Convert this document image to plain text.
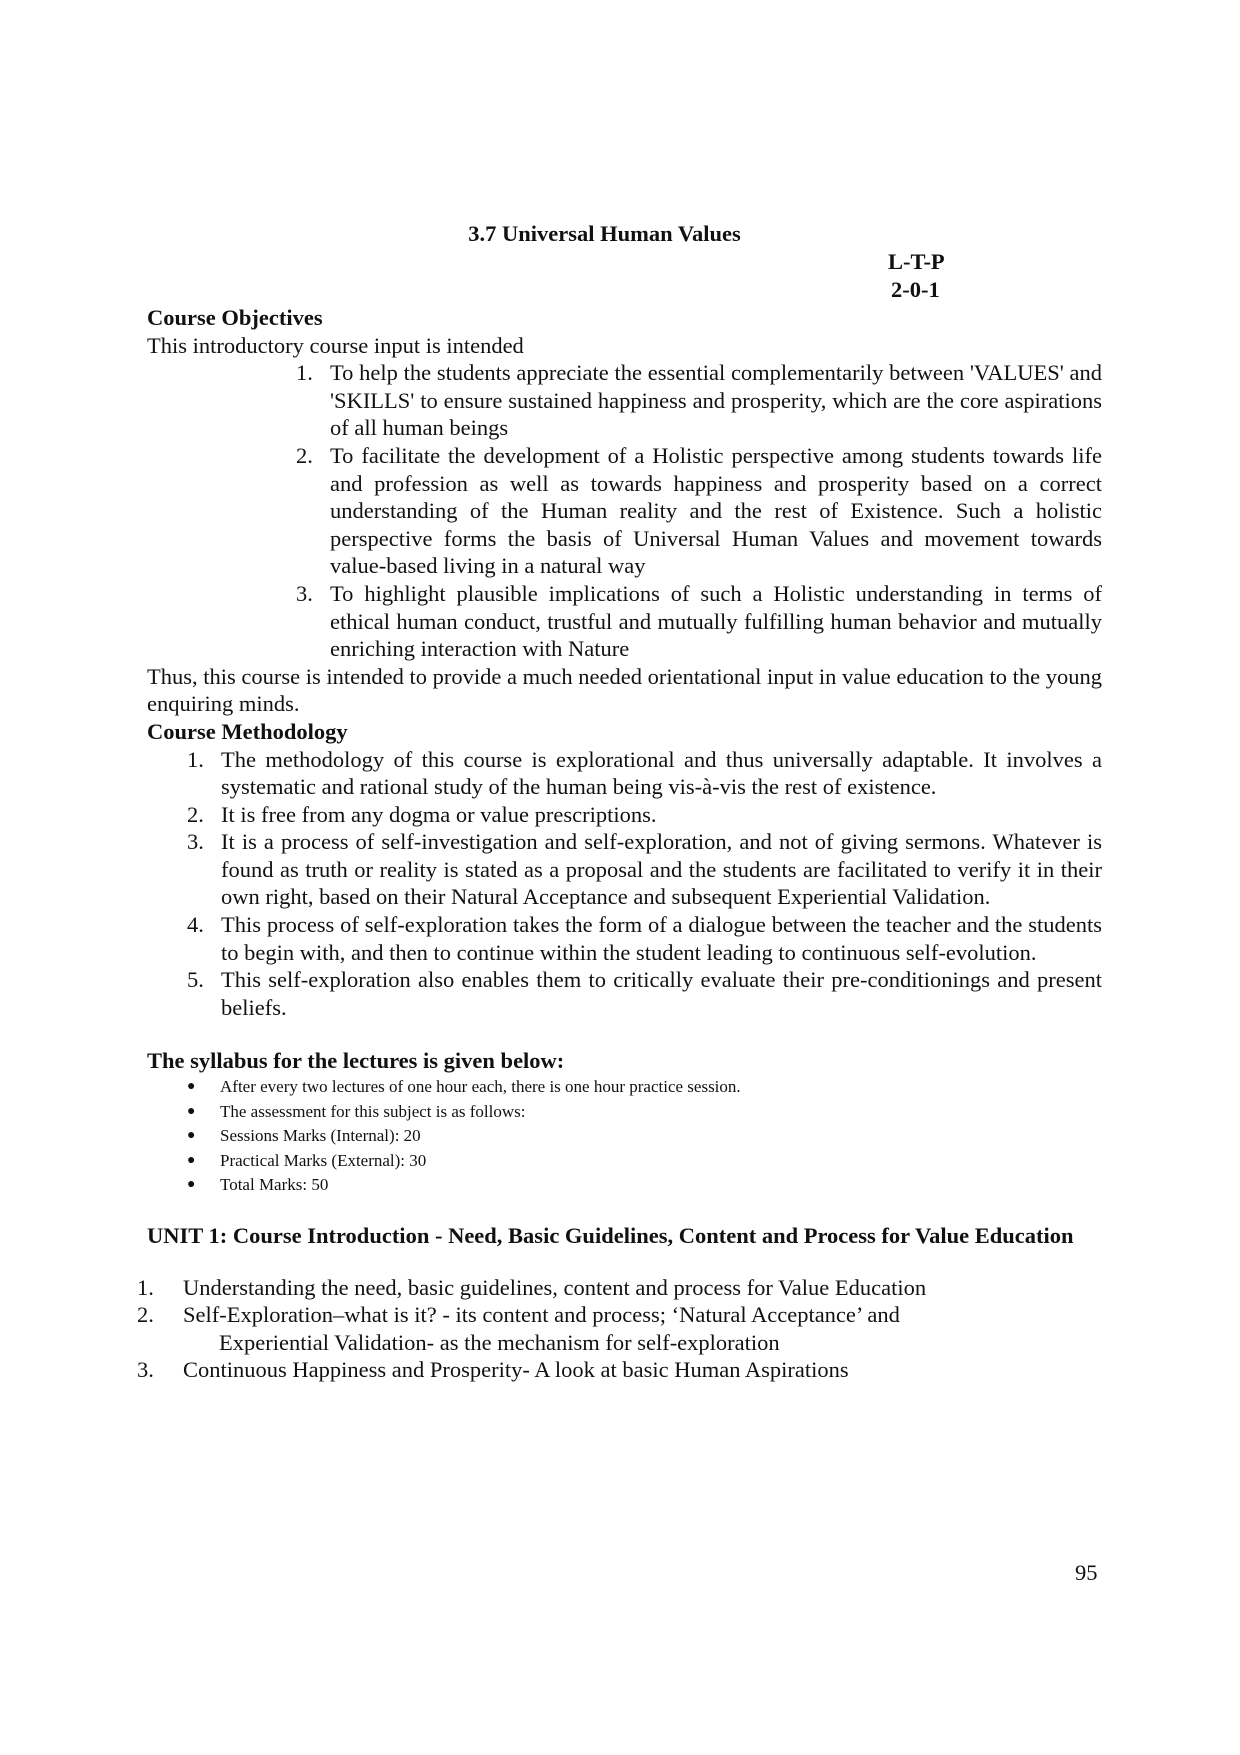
3.7 Universal Human Values
L-T-P
2-0-1
Course Objectives
This introductory course input is intended
1. To help the students appreciate the essential complementarily between 'VALUES' and 'SKILLS' to ensure sustained happiness and prosperity, which are the core aspirations of all human beings
2. To facilitate the development of a Holistic perspective among students towards life and profession as well as towards happiness and prosperity based on a correct understanding of the Human reality and the rest of Existence. Such a holistic perspective forms the basis of Universal Human Values and movement towards value-based living in a natural way
3. To highlight plausible implications of such a Holistic understanding in terms of ethical human conduct, trustful and mutually fulfilling human behavior and mutually enriching interaction with Nature
Thus, this course is intended to provide a much needed orientational input in value education to the young enquiring minds.
Course Methodology
1. The methodology of this course is explorational and thus universally adaptable. It involves a systematic and rational study of the human being vis-à-vis the rest of existence.
2. It is free from any dogma or value prescriptions.
3. It is a process of self-investigation and self-exploration, and not of giving sermons. Whatever is found as truth or reality is stated as a proposal and the students are facilitated to verify it in their own right, based on their Natural Acceptance and subsequent Experiential Validation.
4. This process of self-exploration takes the form of a dialogue between the teacher and the students to begin with, and then to continue within the student leading to continuous self-evolution.
5. This self-exploration also enables them to critically evaluate their pre-conditionings and present beliefs.
The syllabus for the lectures is given below:
● After every two lectures of one hour each, there is one hour practice session.
● The assessment for this subject is as follows:
● Sessions Marks (Internal): 20
● Practical Marks (External): 30
● Total Marks: 50
UNIT 1: Course Introduction - Need, Basic Guidelines, Content and Process for Value Education
1.	Understanding the need, basic guidelines, content and process for Value Education
2.	Self-Exploration–what is it? - its content and process; ‘Natural Acceptance’ and
Experiential Validation- as the mechanism for self-exploration
3.	Continuous Happiness and Prosperity- A look at basic Human Aspirations
95
